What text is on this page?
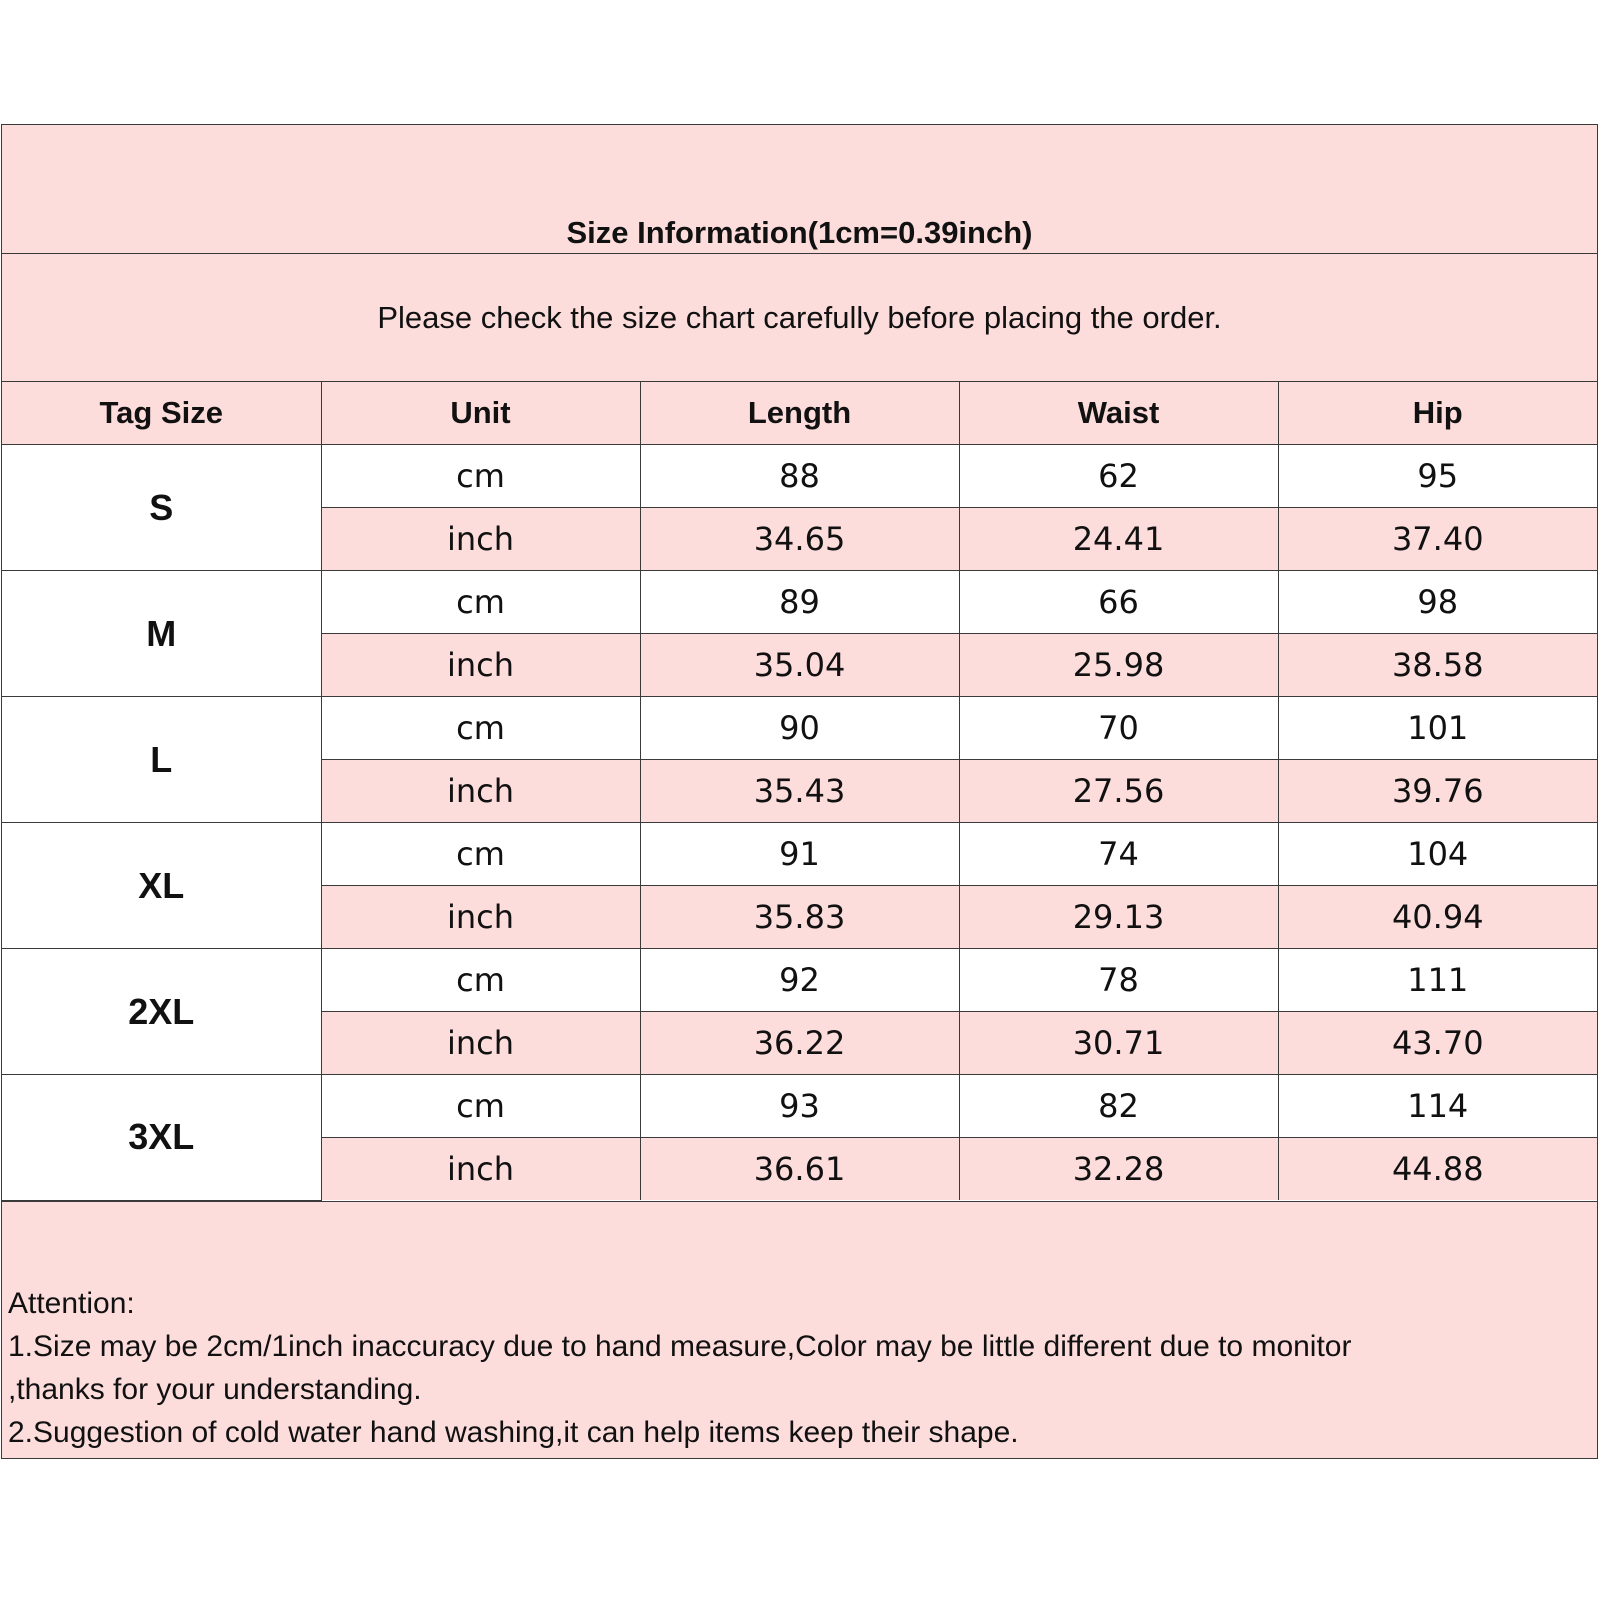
Size Information(1cm=0.39inch)
Please check the size chart carefully before placing the order.
Tag Size	Unit	Length	Waist	Hip
S	cm	88	62	95
	inch	34.65	24.41	37.40
M	cm	89	66	98
	inch	35.04	25.98	38.58
L	cm	90	70	101
	inch	35.43	27.56	39.76
XL	cm	91	74	104
	inch	35.83	29.13	40.94
2XL	cm	92	78	111
	inch	36.22	30.71	43.70
3XL	cm	93	82	114
	inch	36.61	32.28	44.88
Attention:
1.Size may be 2cm/1inch inaccuracy due to hand measure,Color may be little different due to monitor
,thanks for your understanding.
2.Suggestion of cold water hand washing,it can help items keep their shape.
